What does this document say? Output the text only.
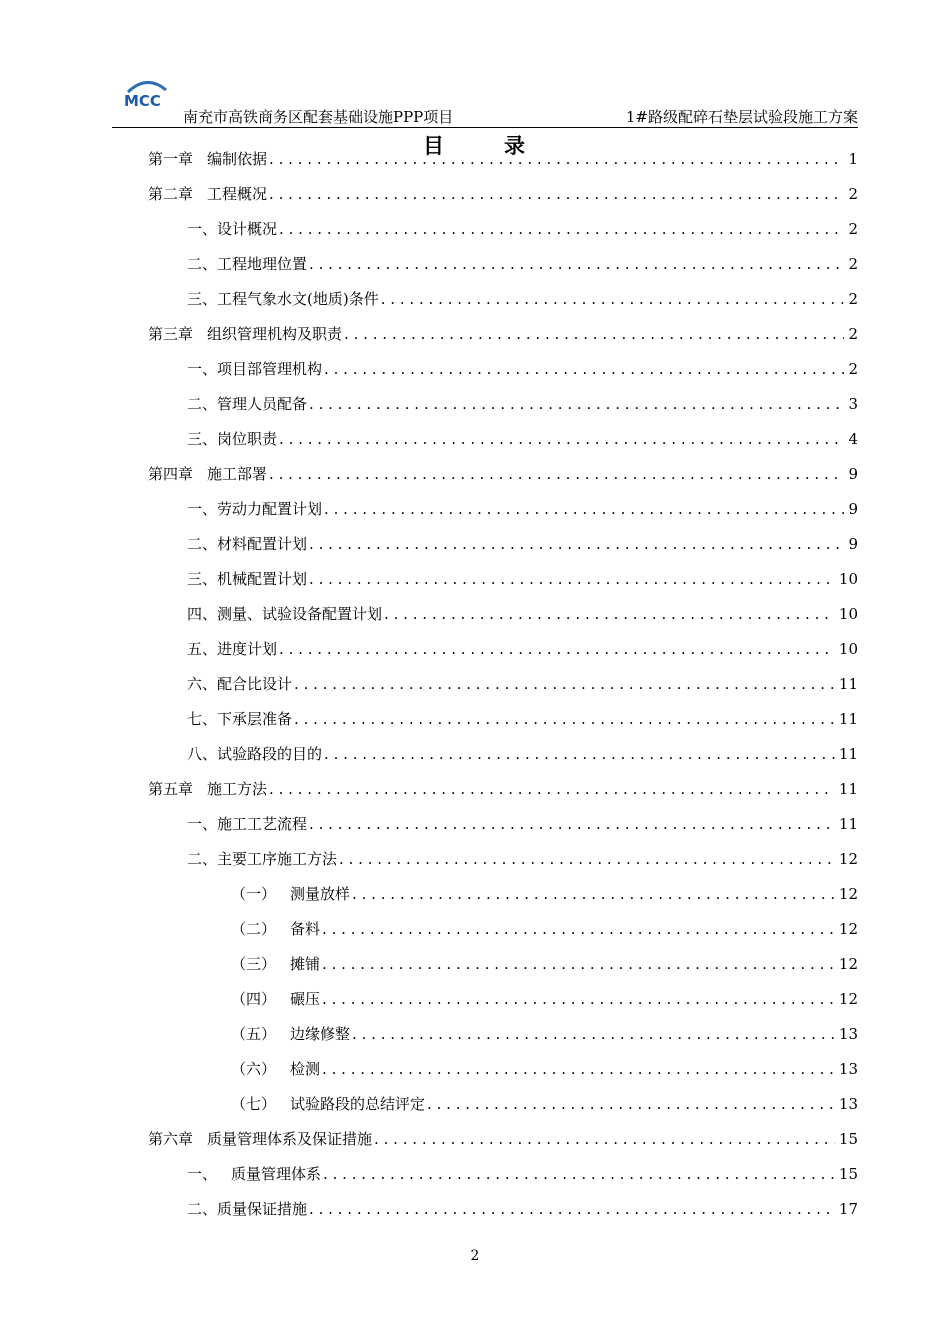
MCC
南充市高铁商务区配套基础设施PPP项目	1#路级配碎石垫层试验段施工方案
目	录
第一章 编制依据 .....	1
第二章 工程概况 .....	2
一、设计概况 .....	2
二、工程地理位置 .....	2
三、工程气象水文(地质)条件 .....	2
第三章 组织管理机构及职责 .....	2
一、项目部管理机构 .....	2
二、管理人员配备 .....	3
三、岗位职责 .....	4
第四章 施工部署 .....	9
一、劳动力配置计划 .....	9
二、材料配置计划 .....	9
三、机械配置计划 .....	10
四、测量、试验设备配置计划 .....	10
五、进度计划 .....	10
六、配合比设计 .....	11
七、下承层准备 .....	11
八、试验路段的目的 .....	11
第五章 施工方法 .....	11
一、施工工艺流程 .....	11
二、主要工序施工方法 .....	12
（一） 测量放样 .....	12
（二） 备料 .....	12
（三） 摊铺 .....	12
（四） 碾压 .....	12
（五） 边缘修整 .....	13
（六） 检测 .....	13
（七） 试验路段的总结评定 .....	13
第六章 质量管理体系及保证措施 .....	15
一、 质量管理体系 .....	15
二、质量保证措施 .....	17
2
